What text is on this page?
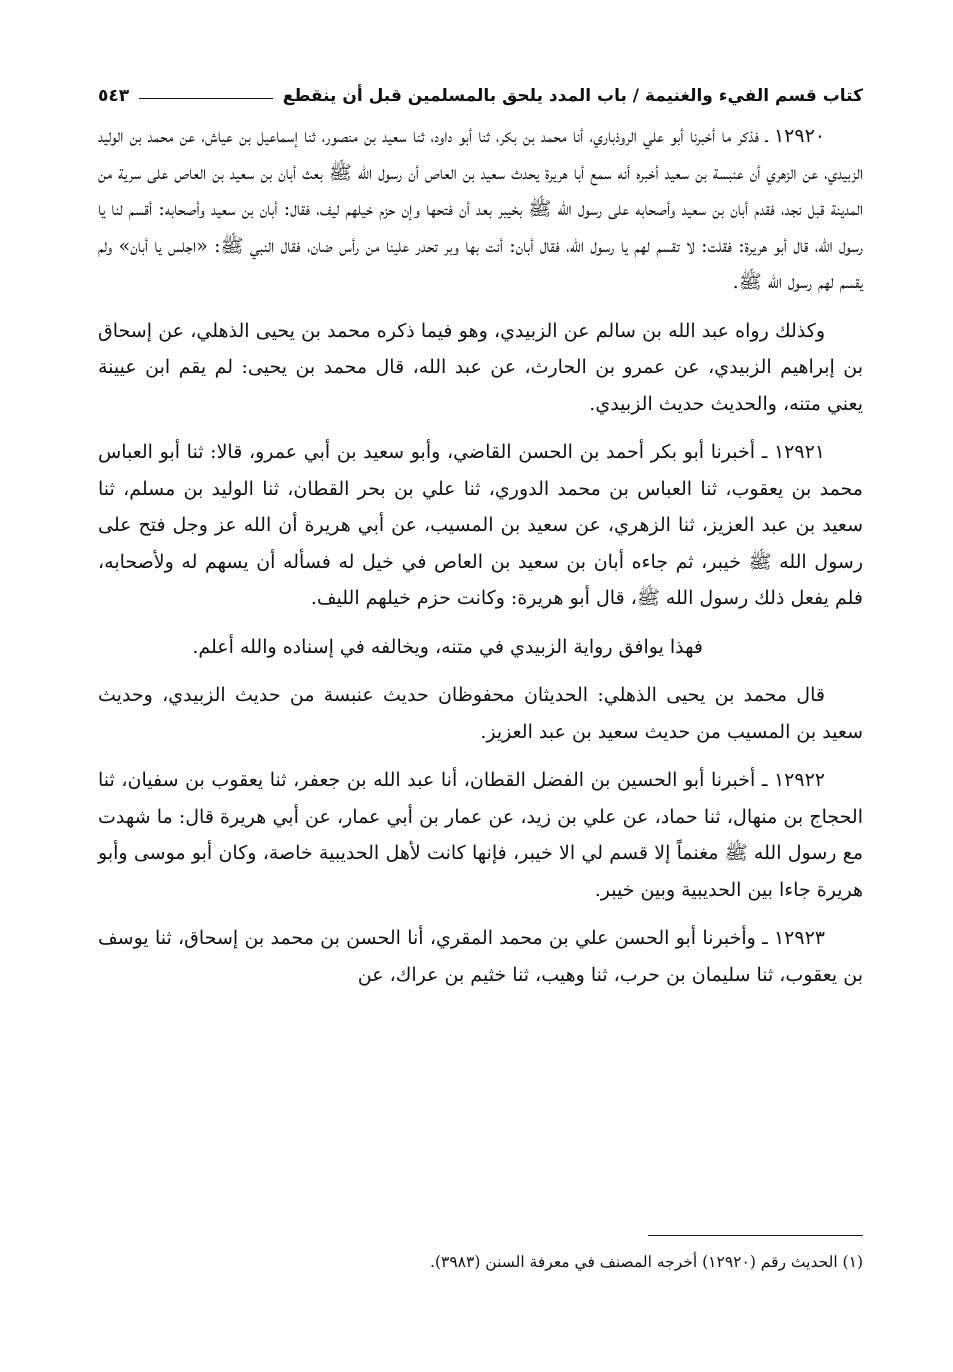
كتاب قسم الفيء والغنيمة / باب المدد يلحق بالمسلمين قبل أن ينقطع
٥٤٣

١٢٩٢٠ ـ فذكر ما أخبرنا أبو علي الروذباري، أنا محمد بن بكر، ثنا أبو داود، ثنا سعيد بن منصور، ثنا إسماعيل بن عياش، عن محمد بن الوليد الزبيدي، عن الزهري أن عنبسة بن سعيد أخبره أنه سمع أبا هريرة يحدث سعيد بن العاص أن رسول الله ﷺ بعث أبان بن سعيد بن العاص على سرية من المدينة قبل نجد، فقدم أبان بن سعيد وأصحابه على رسول الله ﷺ بخيبر بعد أن فتحها وإن حزم خيلهم ليف، فقال: أبان بن سعيد وأصحابه: أقسم لنا يا رسول الله، قال أبو هريرة: فقلت: لا تقسم لهم يا رسول الله، فقال أبان: أنت بها وبر تحدر علينا من رأس ضان، فقال النبي ﷺ: «اجلس يا أبان» ولم يقسم لهم رسول الله ﷺ.

وكذلك رواه عبد الله بن سالم عن الزبيدي، وهو فيما ذكره محمد بن يحيى الذهلي، عن إسحاق بن إبراهيم الزبيدي، عن عمرو بن الحارث، عن عبد الله، قال محمد بن يحيى: لم يقم ابن عيينة يعني متنه، والحديث حديث الزبيدي.

١٢٩٢١ ـ أخبرنا أبو بكر أحمد بن الحسن القاضي، وأبو سعيد بن أبي عمرو، قالا: ثنا أبو العباس محمد بن يعقوب، ثنا العباس بن محمد الدوري، ثنا علي بن بحر القطان، ثنا الوليد بن مسلم، ثنا سعيد بن عبد العزيز، ثنا الزهري، عن سعيد بن المسيب، عن أبي هريرة أن الله عز وجل فتح على رسول الله ﷺ خيبر، ثم جاءه أبان بن سعيد بن العاص في خيل له فسأله أن يسهم له ولأصحابه، فلم يفعل ذلك رسول الله ﷺ، قال أبو هريرة: وكانت حزم خيلهم الليف.

فهذا يوافق رواية الزبيدي في متنه، ويخالفه في إسناده والله أعلم.

قال محمد بن يحيى الذهلي: الحديثان محفوظان حديث عنبسة من حديث الزبيدي، وحديث سعيد بن المسيب من حديث سعيد بن عبد العزيز.

١٢٩٢٢ ـ أخبرنا أبو الحسين بن الفضل القطان، أنا عبد الله بن جعفر، ثنا يعقوب بن سفيان، ثنا الحجاج بن منهال، ثنا حماد، عن علي بن زيد، عن عمار بن أبي عمار، عن أبي هريرة قال: ما شهدت مع رسول الله ﷺ مغنماً إلا قسم لي الا خيبر، فإنها كانت لأهل الحديبية خاصة، وكان أبو موسى وأبو هريرة جاءا بين الحديبية وبين خيبر.

١٢٩٢٣ ـ وأخبرنا أبو الحسن علي بن محمد المقري، أنا الحسن بن محمد بن إسحاق، ثنا يوسف بن يعقوب، ثنا سليمان بن حرب، ثنا وهيب، ثنا خثيم بن عراك، عن

(١) الحديث رقم (١٢٩٢٠) أخرجه المصنف في معرفة السنن (٣٩٨٣).
